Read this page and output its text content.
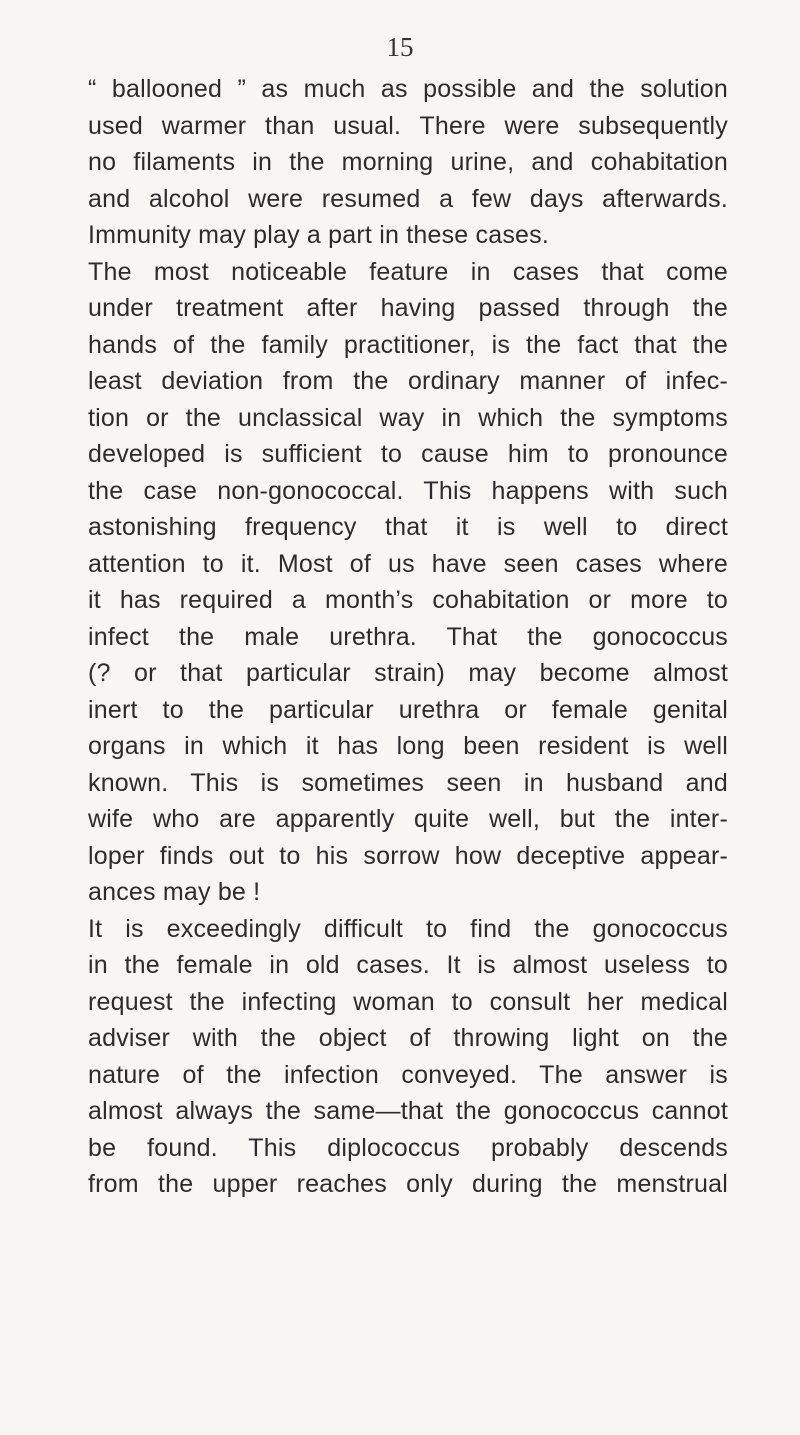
15
“ ballooned ” as much as possible and the solution
used warmer than usual. There were subsequently
no filaments in the morning urine, and cohabitation
and alcohol were resumed a few days afterwards.
Immunity may play a part in these cases.
The most noticeable feature in cases that come
under treatment after having passed through the
hands of the family practitioner, is the fact that the
least deviation from the ordinary manner of infec-
tion or the unclassical way in which the symptoms
developed is sufficient to cause him to pronounce
the case non-gonococcal. This happens with such
astonishing frequency that it is well to direct
attention to it. Most of us have seen cases where
it has required a month’s cohabitation or more to
infect the male urethra. That the gonococcus
(? or that particular strain) may become almost
inert to the particular urethra or female genital
organs in which it has long been resident is well
known. This is sometimes seen in husband and
wife who are apparently quite well, but the inter-
loper finds out to his sorrow how deceptive appear-
ances may be !
It is exceedingly difficult to find the gonococcus
in the female in old cases. It is almost useless to
request the infecting woman to consult her medical
adviser with the object of throwing light on the
nature of the infection conveyed. The answer is
almost always the same—that the gonococcus cannot
be found. This diplococcus probably descends
from the upper reaches only during the menstrual
